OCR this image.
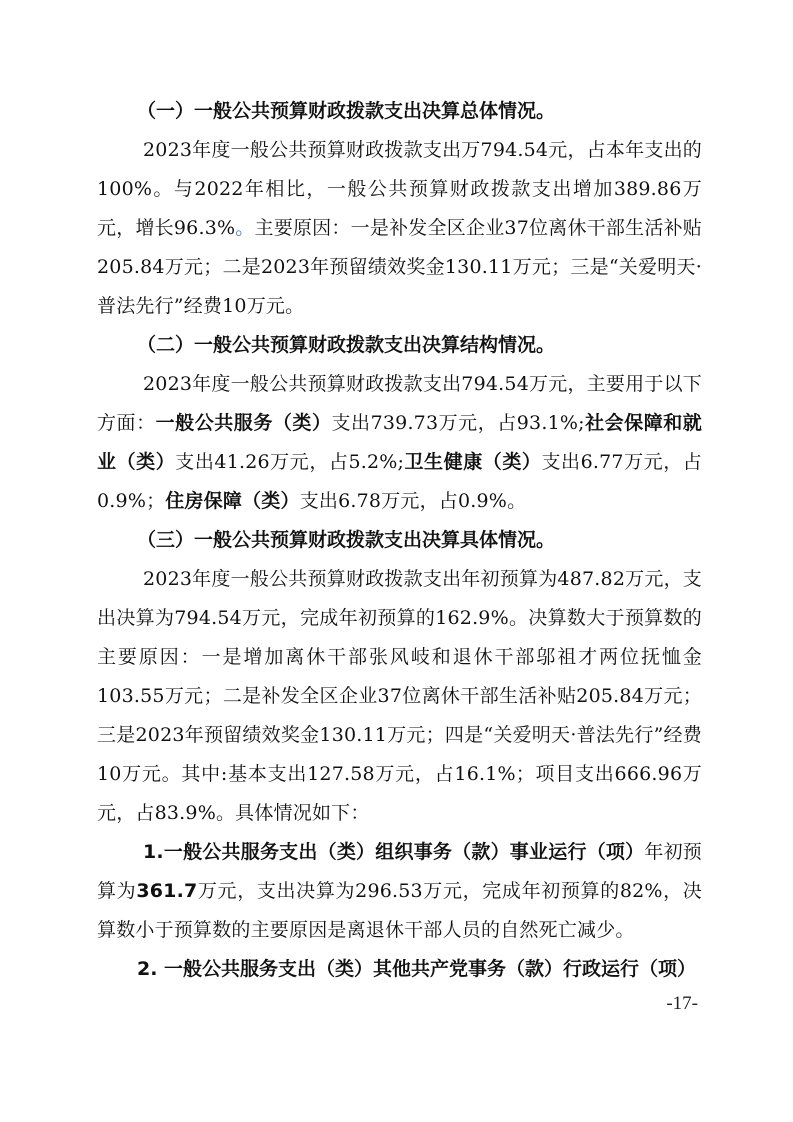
（一）一般公共预算财政拨款支出决算总体情况。

2023年度一般公共预算财政拨款支出万794.54元，占本年支出的100%。与2022年相比，一般公共预算财政拨款支出增加389.86万元，增长96.3%。主要原因：一是补发全区企业37位离休干部生活补贴205.84万元；二是2023年预留绩效奖金130.11万元；三是“关爱明天·普法先行”经费10万元。

（二）一般公共预算财政拨款支出决算结构情况。

2023年度一般公共预算财政拨款支出794.54万元，主要用于以下方面：一般公共服务（类）支出739.73万元，占93.1%;社会保障和就业（类）支出41.26万元，占5.2%;卫生健康（类）支出6.77万元，占0.9%；住房保障（类）支出6.78万元，占0.9%。

（三）一般公共预算财政拨款支出决算具体情况。

2023年度一般公共预算财政拨款支出年初预算为487.82万元，支出决算为794.54万元，完成年初预算的162.9%。决算数大于预算数的主要原因：一是增加离休干部张风岐和退休干部邬祖才两位抚恤金103.55万元；二是补发全区企业37位离休干部生活补贴205.84万元；三是2023年预留绩效奖金130.11万元；四是“关爱明天·普法先行”经费10万元。其中:基本支出127.58万元，占16.1%；项目支出666.96万元，占83.9%。具体情况如下：

1.一般公共服务支出（类）组织事务（款）事业运行（项）年初预算为361.7万元，支出决算为296.53万元，完成年初预算的82%，决算数小于预算数的主要原因是离退休干部人员的自然死亡减少。

2. 一般公共服务支出（类）其他共产党事务（款）行政运行（项）

-17-
